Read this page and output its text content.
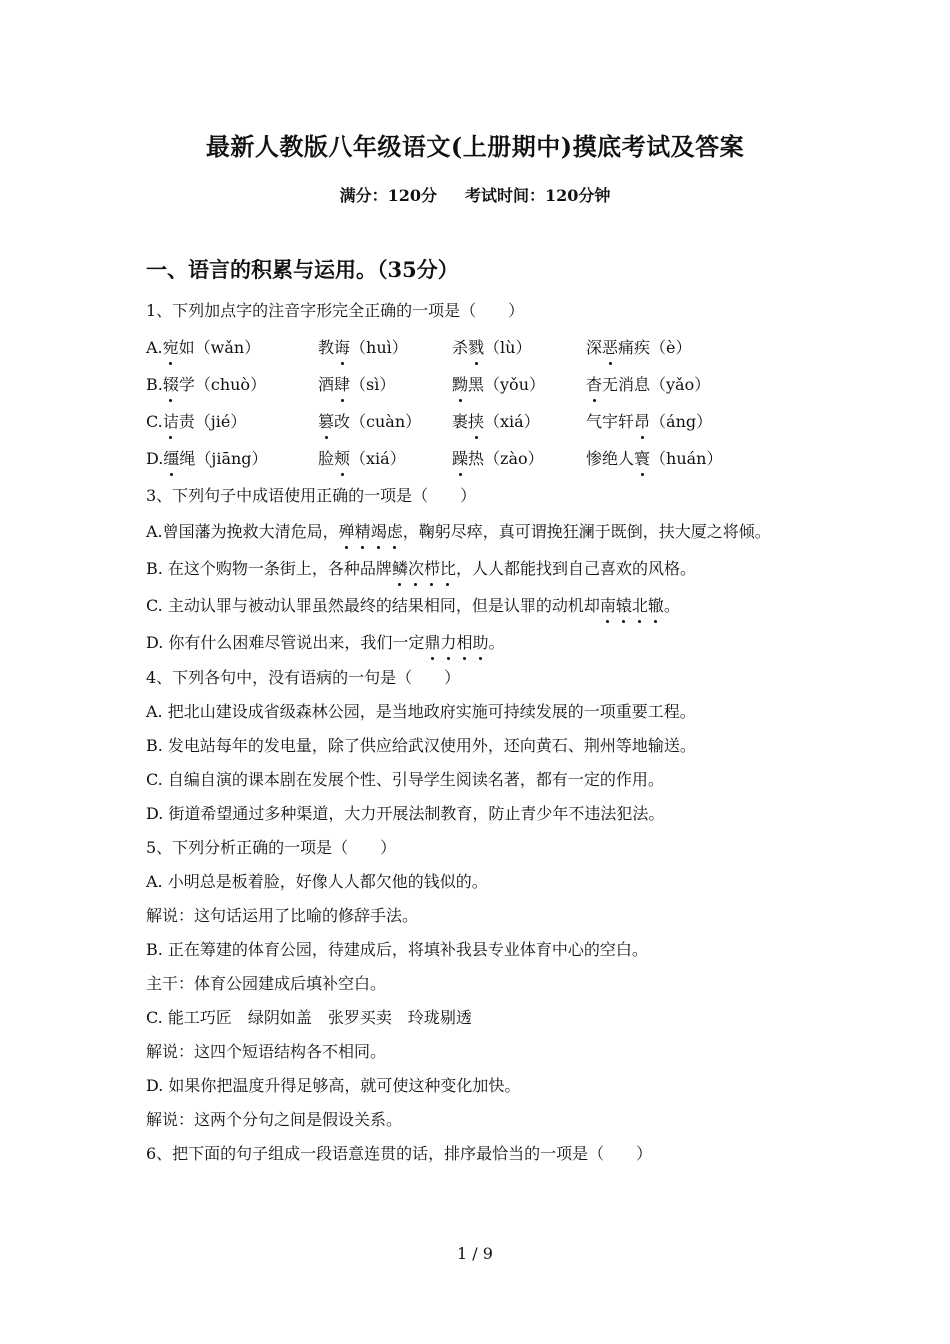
最新人教版八年级语文(上册期中)摸底考试及答案
满分：120分 考试时间：120分钟
一、语言的积累与运用。（35分）
1、下列加点字的注音字形完全正确的一项是（　　）
A.宛如（wǎn）	教诲（huì）	杀戮（lù）	深恶痛疾（è）
B.辍学（chuò）	酒肆（sì）	黝黑（yǒu）	杳无消息（yǎo）
C.诘责（jié）	篡改（cuàn）	裹挟（xiá）	气宇轩昂（áng）
D.缰绳（jiāng）	脸颊（xiá）	躁热（zào）	惨绝人寰（huán）
3、下列句子中成语使用正确的一项是（　　）
A.曾国藩为挽救大清危局，殚精竭虑，鞠躬尽瘁，真可谓挽狂澜于既倒，扶大厦之将倾。
B. 在这个购物一条街上，各种品牌鳞次栉比，人人都能找到自己喜欢的风格。
C. 主动认罪与被动认罪虽然最终的结果相同，但是认罪的动机却南辕北辙。
D. 你有什么困难尽管说出来，我们一定鼎力相助。
4、下列各句中，没有语病的一句是（　　）
A. 把北山建设成省级森林公园，是当地政府实施可持续发展的一项重要工程。
B. 发电站每年的发电量，除了供应给武汉使用外，还向黄石、荆州等地输送。
C. 自编自演的课本剧在发展个性、引导学生阅读名著，都有一定的作用。
D. 街道希望通过多种渠道，大力开展法制教育，防止青少年不违法犯法。
5、下列分析正确的一项是（　　）
A. 小明总是板着脸，好像人人都欠他的钱似的。
解说：这句话运用了比喻的修辞手法。
B. 正在筹建的体育公园，待建成后，将填补我县专业体育中心的空白。
主干：体育公园建成后填补空白。
C. 能工巧匠　绿阴如盖　张罗买卖　玲珑剔透
解说：这四个短语结构各不相同。
D. 如果你把温度升得足够高，就可使这种变化加快。
解说：这两个分句之间是假设关系。
6、把下面的句子组成一段语意连贯的话，排序最恰当的一项是（　　）
1 / 9
